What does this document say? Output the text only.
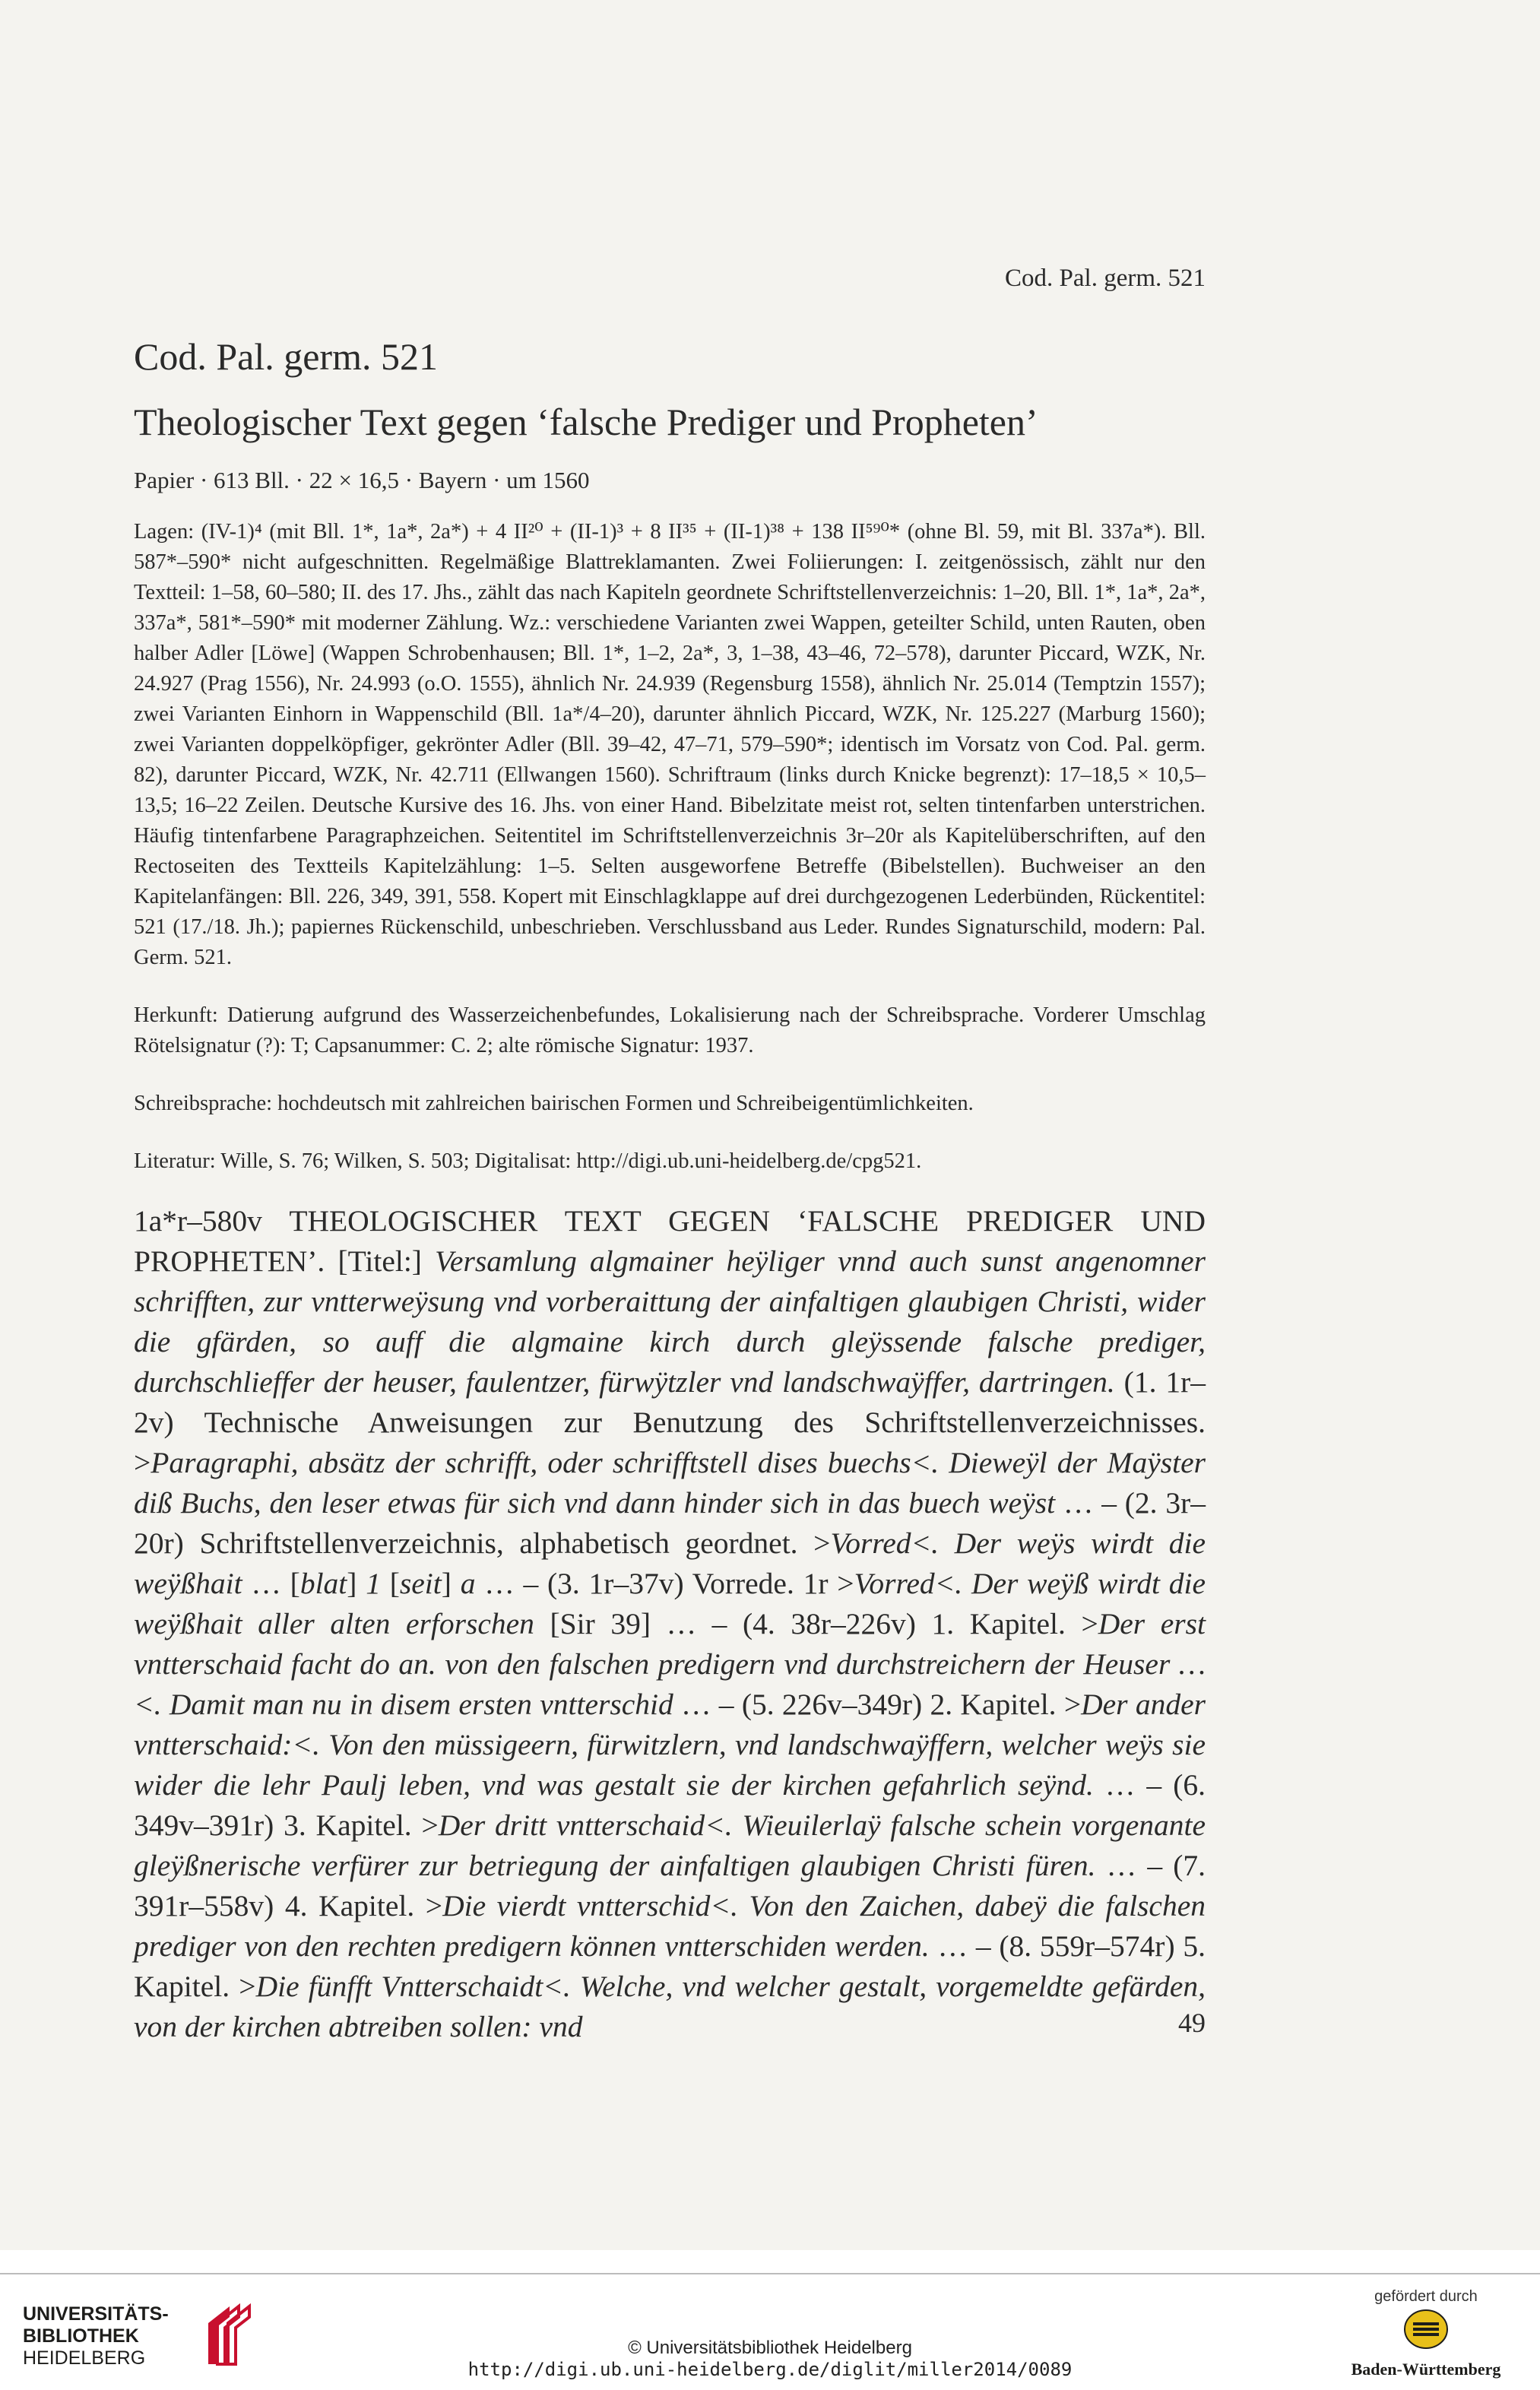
Cod. Pal. germ. 521
Cod. Pal. germ. 521
Theologischer Text gegen ‘falsche Prediger und Propheten’
Papier · 613 Bll. · 22 × 16,5 · Bayern · um 1560

Lagen: (IV-1)⁴ (mit Bll. 1*, 1a*, 2a*) + 4 II²⁰ + (II-1)³ + 8 II³⁵ + (II-1)³⁸ + 138 II⁵⁹⁰* (ohne Bl. 59, mit Bl. 337a*). Bll. 587*–590* nicht aufgeschnitten. Regelmäßige Blattreklamanten. Zwei Foliierungen: I. zeitgenössisch, zählt nur den Textteil: 1–58, 60–580; II. des 17. Jhs., zählt das nach Kapiteln geordnete Schriftstellenverzeichnis: 1–20, Bll. 1*, 1a*, 2a*, 337a*, 581*–590* mit moderner Zählung. Wz.: verschiedene Varianten zwei Wappen, geteilter Schild, unten Rauten, oben halber Adler [Löwe] (Wappen Schrobenhausen; Bll. 1*, 1–2, 2a*, 3, 1–38, 43–46, 72–578), darunter Piccard, WZK, Nr. 24.927 (Prag 1556), Nr. 24.993 (o.O. 1555), ähnlich Nr. 24.939 (Regensburg 1558), ähnlich Nr. 25.014 (Temptzin 1557); zwei Varianten Einhorn in Wappenschild (Bll. 1a*/4–20), darunter ähnlich Piccard, WZK, Nr. 125.227 (Marburg 1560); zwei Varianten doppelköpfiger, gekrönter Adler (Bll. 39–42, 47–71, 579–590*; identisch im Vorsatz von Cod. Pal. germ. 82), darunter Piccard, WZK, Nr. 42.711 (Ellwangen 1560). Schriftraum (links durch Knicke begrenzt): 17–18,5 × 10,5–13,5; 16–22 Zeilen. Deutsche Kursive des 16. Jhs. von einer Hand. Bibelzitate meist rot, selten tintenfarben unterstrichen. Häufig tintenfarbene Paragraphzeichen. Seitentitel im Schriftstellenverzeichnis 3r–20r als Kapitelüberschriften, auf den Rectoseiten des Textteils Kapitelzählung: 1–5. Selten ausgeworfene Betreffe (Bibelstellen). Buchweiser an den Kapitelanfängen: Bll. 226, 349, 391, 558. Kopert mit Einschlagklappe auf drei durchgezogenen Lederbünden, Rückentitel: 521 (17./18. Jh.); papiernes Rückenschild, unbeschrieben. Verschlussband aus Leder. Rundes Signaturschild, modern: Pal. Germ. 521.

Herkunft: Datierung aufgrund des Wasserzeichenbefundes, Lokalisierung nach der Schreibsprache. Vorderer Umschlag Rötelsignatur (?): T; Capsanummer: C. 2; alte römische Signatur: 1937.

Schreibsprache: hochdeutsch mit zahlreichen bairischen Formen und Schreibeigentümlichkeiten.

Literatur: Wille, S. 76; Wilken, S. 503; Digitalisat: http://digi.ub.uni-heidelberg.de/cpg521.

1a*r–580v THEOLOGISCHER TEXT GEGEN ‘FALSCHE PREDIGER UND PROPHETEN’. [Titel:] Versamlung algmainer heÿliger vnnd auch sunst angenomner schrifften, zur vntterweÿsung vnd vorberaittung der ainfaltigen glaubigen Christi, wider die gfärden, so auff die algmaine kirch durch gleÿssende falsche prediger, durchschlieffer der heuser, faulentzer, fürwÿtzler vnd landschwaÿffer, dartringen. (1. 1r–2v) Technische Anweisungen zur Benutzung des Schriftstellenverzeichnisses. >Paragraphi, absätz der schrifft, oder schrifftstell dises buechs<. Dieweÿl der Maÿster diß Buchs, den leser etwas für sich vnd dann hinder sich in das buech weÿst … – (2. 3r–20r) Schriftstellenverzeichnis, alphabetisch geordnet. >Vorred<. Der weÿs wirdt die weÿßhait … [blat] 1 [seit] a … – (3. 1r–37v) Vorrede. 1r >Vorred<. Der weÿß wirdt die weÿßhait aller alten erforschen [Sir 39] … – (4. 38r–226v) 1. Kapitel. >Der erst vntterschaid facht do an. von den falschen predigern vnd durchstreichern der Heuser …<. Damit man nu in disem ersten vntterschid … – (5. 226v–349r) 2. Kapitel. >Der ander vntterschaid:<. Von den müssigeern, fürwitzlern, vnd landschwaÿffern, welcher weÿs sie wider die lehr Paulj leben, vnd was gestalt sie der kirchen gefahrlich seÿnd. … – (6. 349v–391r) 3. Kapitel. >Der dritt vntterschaid<. Wieuilerlaÿ falsche schein vorgenante gleÿßnerische verfürer zur betriegung der ainfaltigen glaubigen Christi füren. … – (7. 391r–558v) 4. Kapitel. >Die vierdt vntterschid<. Von den Zaichen, dabeÿ die falschen prediger von den rechten predigern können vntterschiden werden. … – (8. 559r–574r) 5. Kapitel. >Die fünfft Vntterschaidt<. Welche, vnd welcher gestalt, vorgemeldte gefärden, von der kirchen abtreiben sollen: vnd	49
UNIVERSITÄTS-
BIBLIOTHEK
HEIDELBERG	© Universitätsbibliothek Heidelberg
http://digi.ub.uni-heidelberg.de/diglit/miller2014/0089
gefördert durch
Baden-Württemberg
